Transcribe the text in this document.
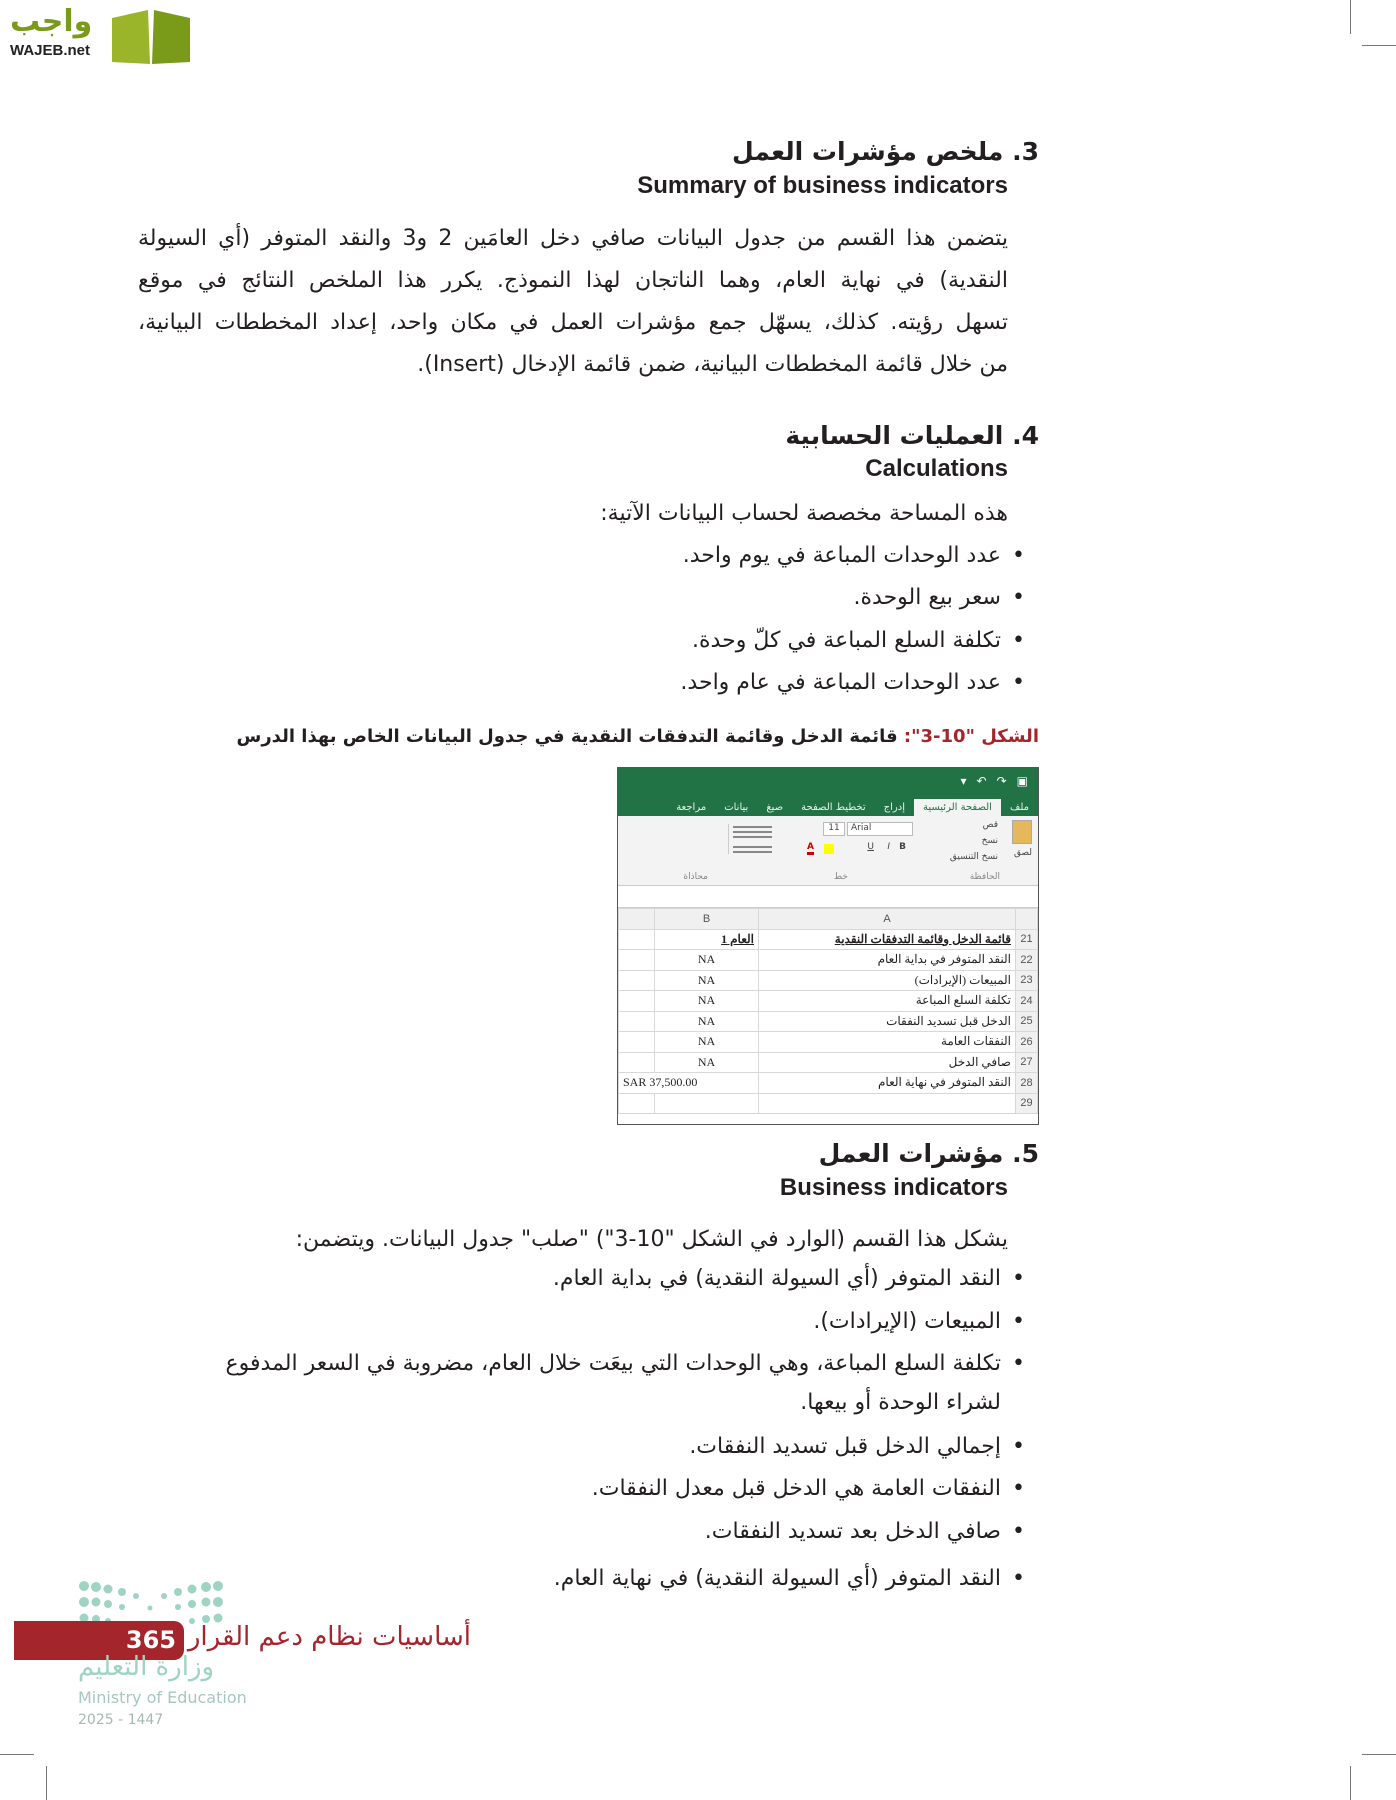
واجب
WAJEB.net
3. ملخص مؤشرات العمل
Summary of business indicators
يتضمن هذا القسم من جدول البيانات صافي دخل العامَين 2 و3 والنقد المتوفر (أي السيولة
النقدية) في نهاية العام، وهما الناتجان لهذا النموذج. يكرر هذا الملخص النتائج في موقع
تسهل رؤيته. كذلك، يسهّل جمع مؤشرات العمل في مكان واحد، إعداد المخططات البيانية،
من خلال قائمة المخططات البيانية، ضمن قائمة الإدخال (Insert).
4. العمليات الحسابية
Calculations
هذه المساحة مخصصة لحساب البيانات الآتية:
• عدد الوحدات المباعة في يوم واحد.
• سعر بيع الوحدة.
• تكلفة السلع المباعة في كلّ وحدة.
• عدد الوحدات المباعة في عام واحد.
الشكل "10-3": قائمة الدخل وقائمة التدفقات النقدية في جدول البيانات الخاص بهذا الدرس
▾ ↶ ↷ ▣
ملف
الصفحة الرئيسية
إدراج
تخطيط الصفحة
صيغ
بيانات
مراجعة
لصق
قص
نسخ
نسخ التنسيق
الحافظة
Arial
11
B
I
U
A
خط
محاذاة
	A	B	
21	قائمة الدخل وقائمة التدفقات النقدية	العام 1	
22	النقد المتوفر في بداية العام	NA	
23	المبيعات (الإيرادات)	NA	
24	تكلفة السلع المباعة	NA	
25	الدخل قبل تسديد النفقات	NA	
26	النفقات العامة	NA	
27	صافي الدخل	NA	
28	النقد المتوفر في نهاية العام	SAR 37,500.00	
29			
5. مؤشرات العمل
Business indicators
يشكل هذا القسم (الوارد في الشكل "10-3") "صلب" جدول البيانات. ويتضمن:
• النقد المتوفر (أي السيولة النقدية) في بداية العام.
• المبيعات (الإيرادات).
• تكلفة السلع المباعة، وهي الوحدات التي بيعَت خلال العام، مضروبة في السعر المدفوع
لشراء الوحدة أو بيعها.
• إجمالي الدخل قبل تسديد النفقات.
• النفقات العامة هي الدخل قبل معدل النفقات.
• صافي الدخل بعد تسديد النفقات.
• النقد المتوفر (أي السيولة النقدية) في نهاية العام.
365 أساسيات نظام دعم القرار
وزارة التعليم
Ministry of Education
2025 - 1447
